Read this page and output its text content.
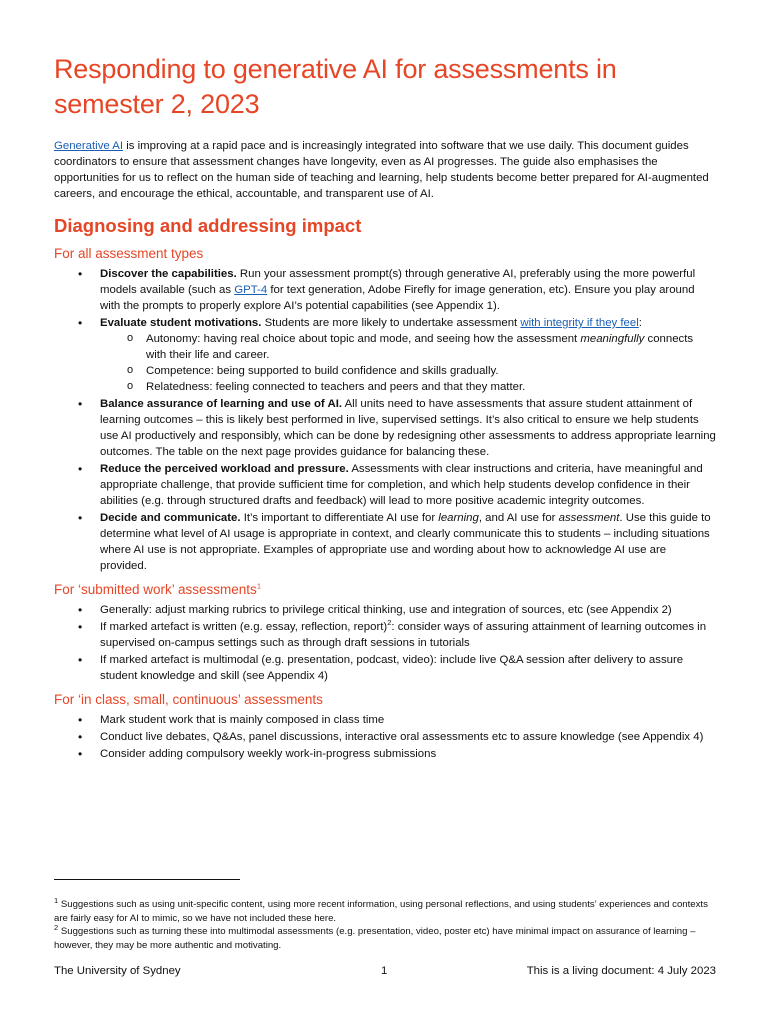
Responding to generative AI for assessments in semester 2, 2023

Generative AI is improving at a rapid pace and is increasingly integrated into software that we use daily. This document guides coordinators to ensure that assessment changes have longevity, even as AI progresses. The guide also emphasises the opportunities for us to reflect on the human side of teaching and learning, help students become better prepared for AI-augmented careers, and encourage the ethical, accountable, and transparent use of AI.

Diagnosing and addressing impact
For all assessment types
• Discover the capabilities. Run your assessment prompt(s) through generative AI, preferably using the more powerful models available (such as GPT-4 for text generation, Adobe Firefly for image generation, etc). Ensure you play around with the prompts to properly explore AI’s potential capabilities (see Appendix 1).
• Evaluate student motivations. Students are more likely to undertake assessment with integrity if they feel:
o Autonomy: having real choice about topic and mode, and seeing how the assessment meaningfully connects with their life and career.
o Competence: being supported to build confidence and skills gradually.
o Relatedness: feeling connected to teachers and peers and that they matter.
• Balance assurance of learning and use of AI. All units need to have assessments that assure student attainment of learning outcomes – this is likely best performed in live, supervised settings. It’s also critical to ensure we help students use AI productively and responsibly, which can be done by redesigning other assessments to address appropriate learning outcomes. The table on the next page provides guidance for balancing these.
• Reduce the perceived workload and pressure. Assessments with clear instructions and criteria, have meaningful and appropriate challenge, that provide sufficient time for completion, and which help students develop confidence in their abilities (e.g. through structured drafts and feedback) will lead to more positive academic integrity outcomes.
• Decide and communicate. It’s important to differentiate AI use for learning, and AI use for assessment. Use this guide to determine what level of AI usage is appropriate in context, and clearly communicate this to students – including situations where AI use is not appropriate. Examples of appropriate use and wording about how to acknowledge AI use are provided.
For ‘submitted work’ assessments$^1$
• Generally: adjust marking rubrics to privilege critical thinking, use and integration of sources, etc (see Appendix 2)
• If marked artefact is written (e.g. essay, reflection, report)$^2$: consider ways of assuring attainment of learning outcomes in supervised on-campus settings such as through draft sessions in tutorials
• If marked artefact is multimodal (e.g. presentation, podcast, video): include live Q&A session after delivery to assure student knowledge and skill (see Appendix 4)
For ‘in class, small, continuous’ assessments
• Mark student work that is mainly composed in class time
• Conduct live debates, Q&As, panel discussions, interactive oral assessments etc to assure knowledge (see Appendix 4)
• Consider adding compulsory weekly work-in-progress submissions

$^1$ Suggestions such as using unit-specific content, using more recent information, using personal reflections, and using students’ experiences and contexts are fairly easy for AI to mimic, so we have not included these here.

$^2$ Suggestions such as turning these into multimodal assessments (e.g. presentation, video, poster etc) have minimal impact on assurance of learning – however, they may be more authentic and motivating.

The University of Sydney	1	This is a living document: 4 July 2023
